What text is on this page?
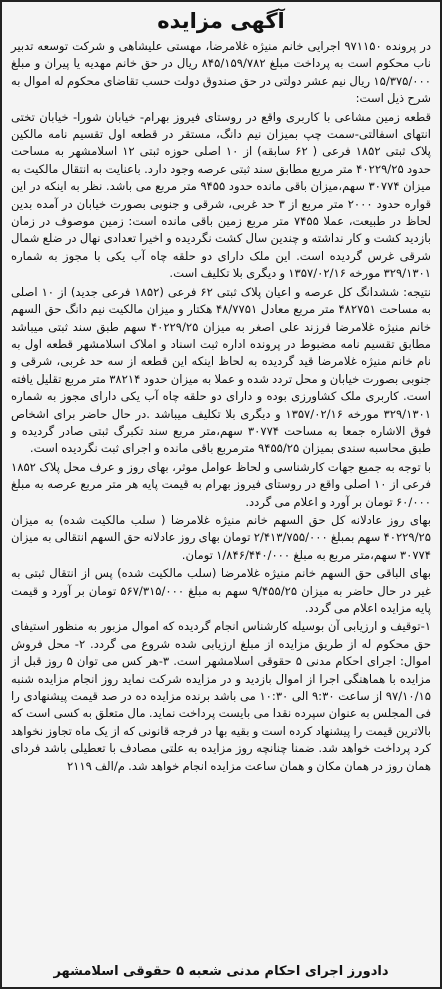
آگهی مزایده

در پرونده ۹۷۱۱۵۰ اجرایی خانم منیژه غلامرضا، مهستی علیشاهی و شرکت توسعه تدبیر ناب محکوم است به پرداخت مبلغ ۸۴۵/۱۵۹/۷۸۲ ریال در حق خانم مهدیه یا پیران و مبلغ ۱۵/۳۷۵/۰۰۰ ریال نیم عشر دولتی در حق صندوق دولت حسب تقاضای محکوم له اموال به شرح ذیل است:

قطعه زمین مشاعی با کاربری واقع در روستای فیروز بهرام- خیابان شورا- خیابان تختی انتهای اسفالتی-سمت چپ بمیزان نیم دانگ، مستقر در قطعه اول تقسیم نامه مالکین پلاک ثبتی ۱۸۵۲ فرعی ( ۶۲ سابقه) از ۱۰ اصلی حوزه ثبتی ۱۲ اسلامشهر به مساحت حدود ۴۰۲۲۹/۲۵ متر مربع مطابق سند ثبتی عرصه وجود دارد. باعنایت به انتقال مالکیت به میزان ۳۰۷۷۴ سهم،میزان باقی مانده حدود ۹۴۵۵ متر مربع می باشد. نظر به اینکه در این قواره حدود ۲۰۰۰ متر مربع از ۳ حد غربی، شرقی و جنوبی بصورت خیابان در آمده بدین لحاظ در طبیعت، عملا ۷۴۵۵ متر مربع زمین باقی مانده است: زمین موصوف در زمان بازدید کشت و کار نداشته و چندین سال کشت نگردیده و اخیرا تعدادی نهال در ضلع شمال شرقی غرس گردیده است. این ملک دارای دو حلقه چاه آب یکی با مجوز به شماره ۳۲۹/۱۳۰۱ مورخه ۱۳۵۷/۰۲/۱۶ و دیگری بلا تکلیف است.

نتیجه: ششدانگ کل عرصه و اعیان پلاک ثبتی ۶۲ فرعی (۱۸۵۲ فرعی جدید) از ۱۰ اصلی به مساحت ۴۸۲۷۵۱ متر مربع معادل ۴۸/۷۷۵۱ هکتار و میزان مالکیت نیم دانگ حق السهم خانم منیژه غلامرضا فرزند علی اصغر به میزان ۴۰۲۲۹/۲۵ سهم طبق سند ثبتی میباشد مطابق تقسیم نامه مضبوط در پرونده اداره ثبت اسناد و املاک اسلامشهر قطعه اول به نام خانم منیژه غلامرضا قید گردیده به لحاظ اینکه این قطعه از سه حد غربی، شرقی و جنوبی بصورت خیابان و محل تردد شده و عملا به میزان حدود ۳۸۲۱۴ متر مربع تقلیل یافته است. کاربری ملک کشاورزی بوده و دارای دو حلقه چاه آب یکی دارای مجوز به شماره ۳۲۹/۱۳۰۱ مورخه ۱۳۵۷/۰۲/۱۶ و دیگری بلا تکلیف میباشد .در حال حاضر برای اشخاص فوق الاشاره جمعا به مساحت ۳۰۷۷۴ سهم،متر مربع سند تکبرگ ثبتی صادر گردیده و طبق محاسبه سندی بمیزان ۹۴۵۵/۲۵ مترمربع باقی مانده و اجرای ثبت نگردیده است.

با توجه به جمیع جهات کارشناسی و لحاظ عوامل موثر، بهای روز و عرف محل پلاک ۱۸۵۲ فرعی از ۱۰ اصلی واقع در روستای فیروز بهرام به قیمت پایه هر متر مربع عرصه به مبلغ ۶۰/۰۰۰ تومان بر آورد و اعلام می گردد.

بهای روز عادلانه کل حق السهم خانم منیژه غلامرضا ( سلب مالکیت شده) به میزان ۴۰۲۲۹/۲۵ سهم بمبلغ ۲/۴۱۳/۷۵۵/۰۰۰ تومان بهای روز عادلانه حق السهم انتقالی به میزان ۳۰۷۷۴ سهم،متر مربع به مبلغ ۱/۸۴۶/۴۴۰/۰۰۰ تومان.

بهای الباقی حق السهم خانم منیژه غلامرضا (سلب مالکیت شده) پس از انتقال ثبتی به غیر در حال حاضر به میزان ۹/۴۵۵/۲۵ سهم به مبلغ ۵۶۷/۳۱۵/۰۰۰ تومان بر آورد و قیمت پایه مزایده اعلام می گردد.

۱-توقیف و ارزیابی آن بوسیله کارشناس انجام گردیده که اموال مزبور به منظور استیفای حق محکوم له از طریق مزایده از مبلغ ارزیابی شده شروع می گردد. ۲- محل فروش اموال: اجرای احکام مدنی ۵ حقوقی اسلامشهر است. ۳-هر کس می توان ۵ روز قبل از مزایده با هماهنگی اجرا از اموال بازدید و در مزایده شرکت نماید روز انجام مزایده شنبه ۹۷/۱۰/۱۵ از ساعت ۹:۳۰ الی ۱۰:۳۰ می باشد برنده مزایده ده در صد قیمت پیشنهادی را فی المجلس به عنوان سپرده نقدا می بایست پرداخت نماید. مال متعلق به کسی است که بالاترین قیمت را پیشنهاد کرده است و بقیه بها در فرجه قانونی که از یک ماه تجاوز نخواهد کرد پرداخت خواهد شد. ضمنا چنانچه روز مزایده به علتی مصادف با تعطیلی باشد فردای همان روز در همان مکان و همان ساعت مزایده انجام خواهد شد. م/الف ۲۱۱۹

دادورز اجرای احکام مدنی شعبه ۵ حقوقی اسلامشهر
